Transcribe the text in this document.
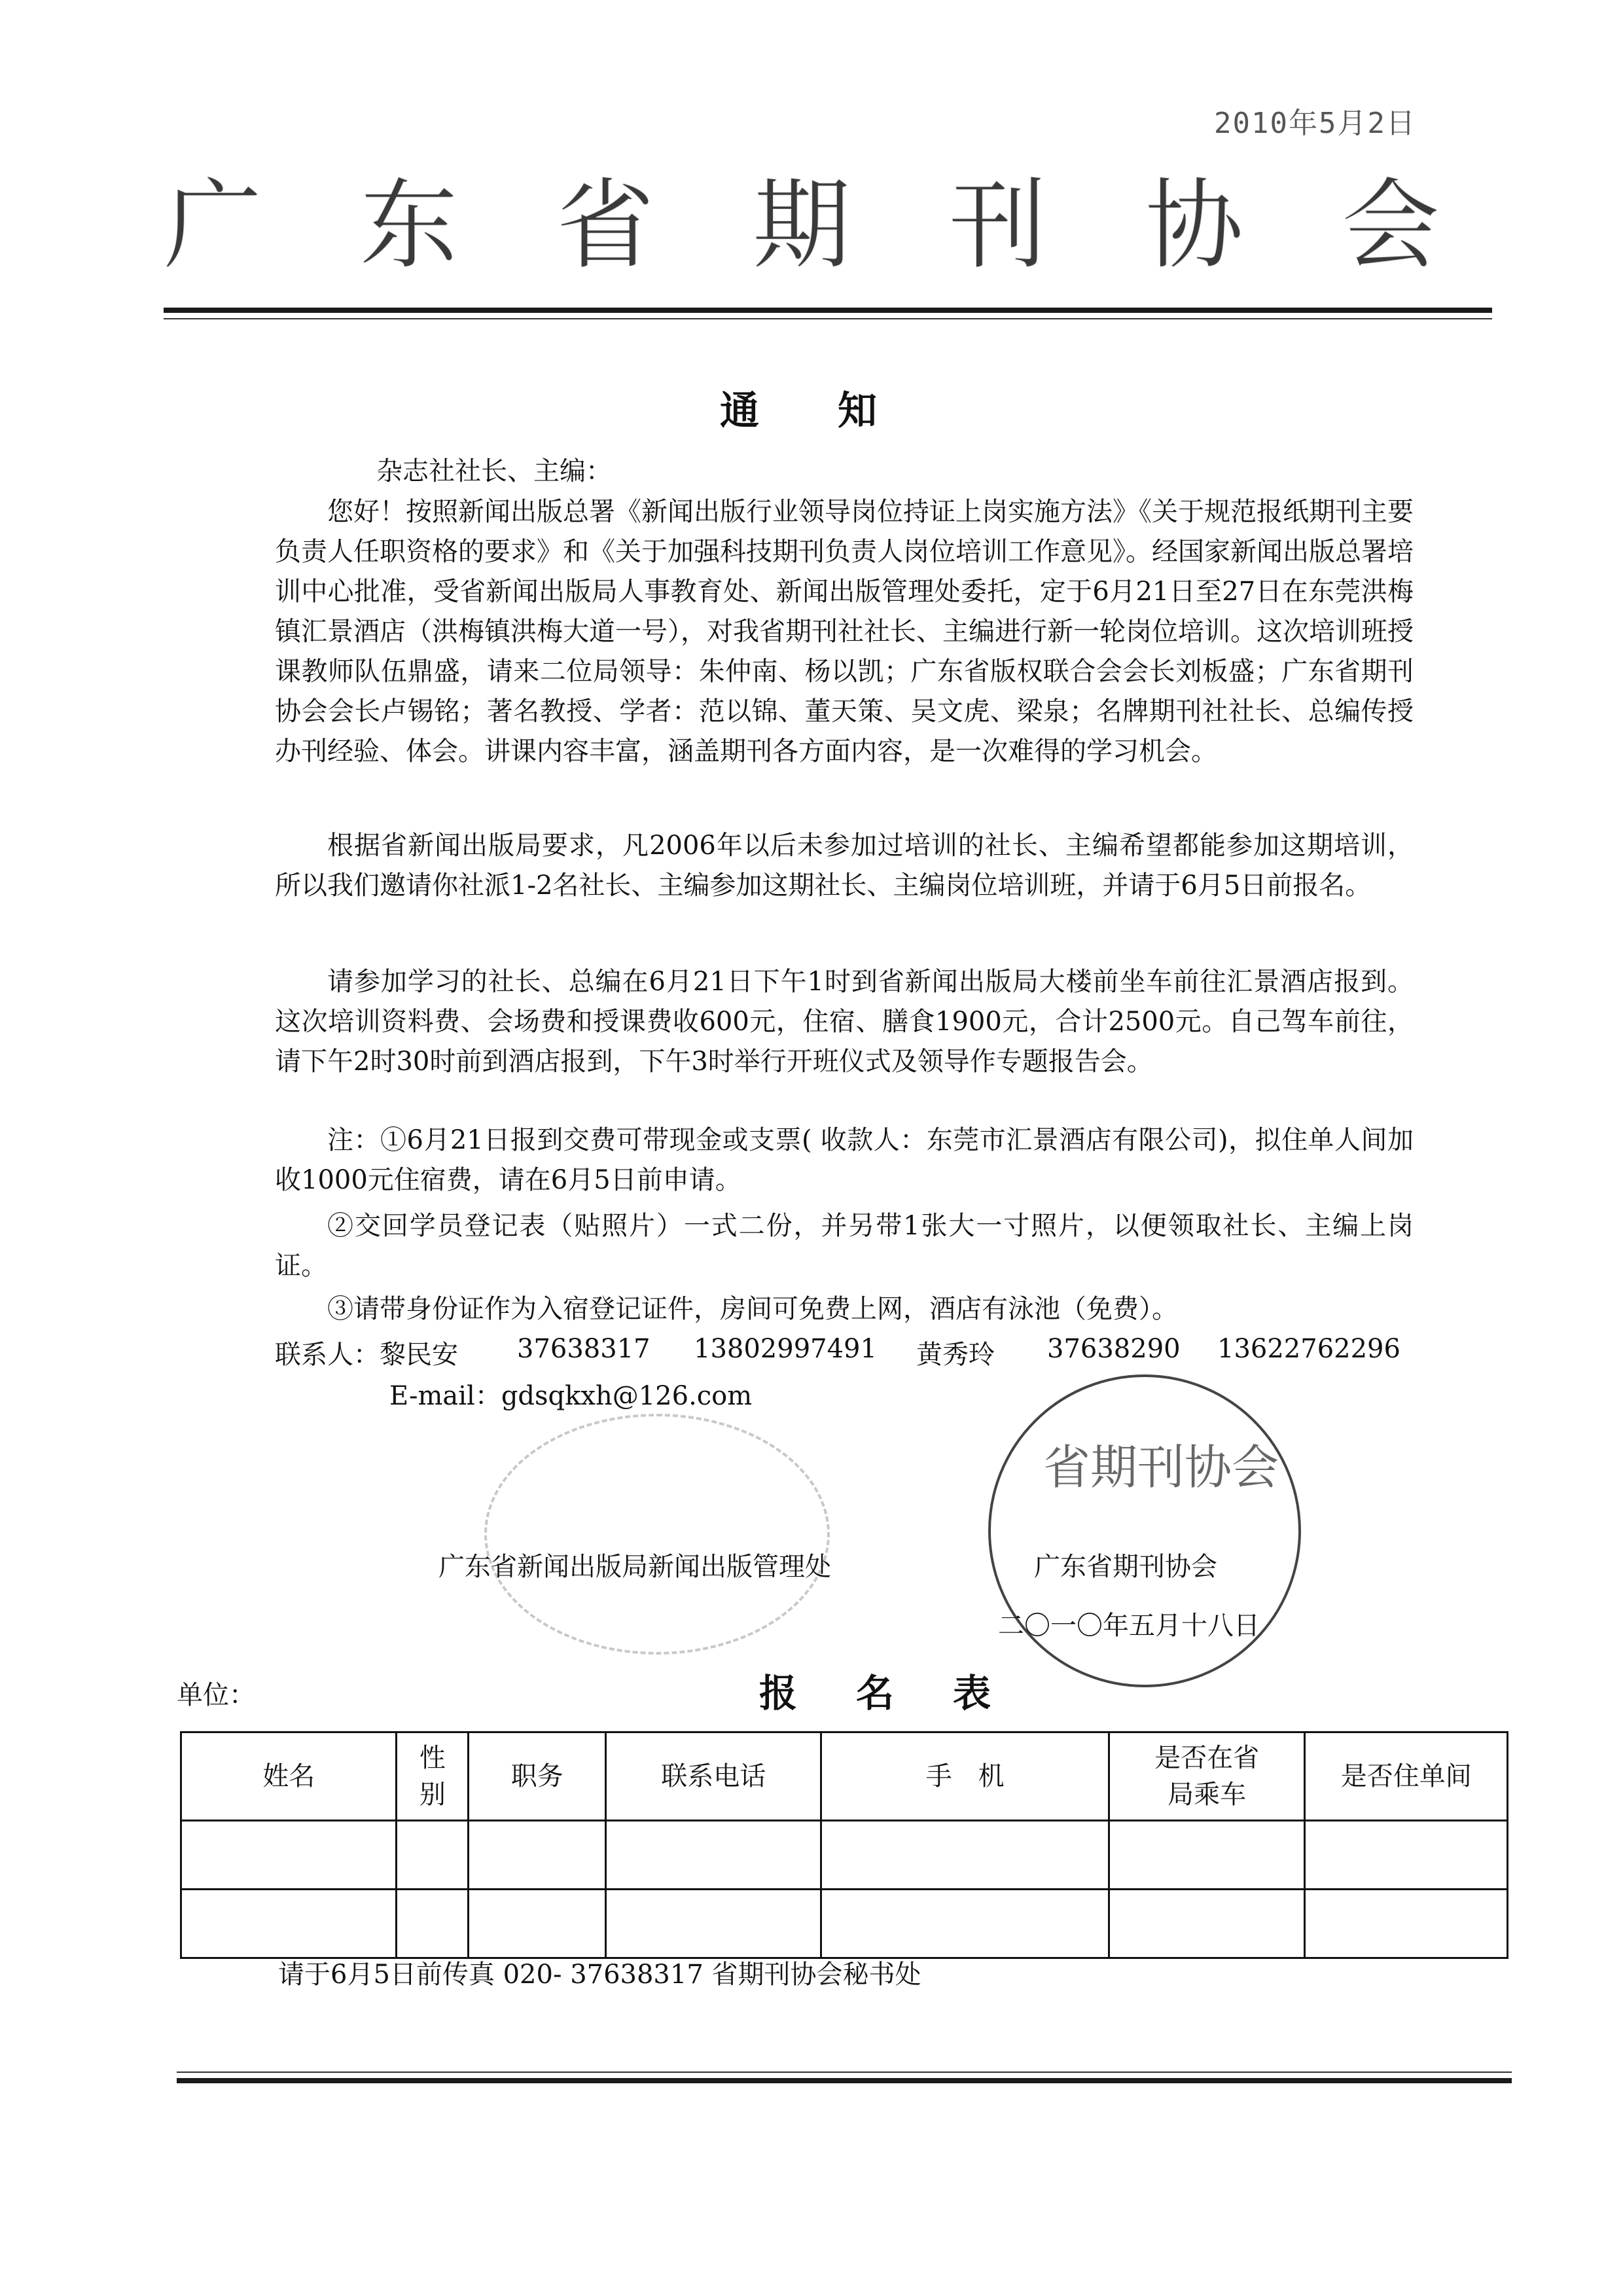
2010年5月2日
广 东 省 期 刊 协 会
通知
杂志社社长、主编：
您好！按照新闻出版总署《新闻出版行业领导岗位持证上岗实施方法》《关于规范报纸期刊主要负责人任职资格的要求》和《关于加强科技期刊负责人岗位培训工作意见》。经国家新闻出版总署培训中心批准，受省新闻出版局人事教育处、新闻出版管理处委托，定于6月21日至27日在东莞洪梅镇汇景酒店（洪梅镇洪梅大道一号），对我省期刊社社长、主编进行新一轮岗位培训。这次培训班授课教师队伍鼎盛，请来二位局领导：朱仲南、杨以凯；广东省版权联合会会长刘板盛；广东省期刊协会会长卢锡铭；著名教授、学者：范以锦、董天策、吴文虎、梁泉；名牌期刊社社长、总编传授办刊经验、体会。讲课内容丰富，涵盖期刊各方面内容，是一次难得的学习机会。
根据省新闻出版局要求，凡2006年以后未参加过培训的社长、主编希望都能参加这期培训，所以我们邀请你社派1-2名社长、主编参加这期社长、主编岗位培训班，并请于6月5日前报名。
请参加学习的社长、总编在6月21日下午1时到省新闻出版局大楼前坐车前往汇景酒店报到。这次培训资料费、会场费和授课费收600元，住宿、膳食1900元，合计2500元。自己驾车前往，请下午2时30时前到酒店报到，下午3时举行开班仪式及领导作专题报告会。
注：①6月21日报到交费可带现金或支票( 收款人：东莞市汇景酒店有限公司)，拟住单人间加收1000元住宿费，请在6月5日前申请。
②交回学员登记表（贴照片）一式二份，并另带1张大一寸照片，以便领取社长、主编上岗证。
③请带身份证作为入宿登记证件，房间可免费上网，酒店有泳池（免费）。
联系人： 黎民安	37638317	13802997491	黄秀玲	37638290	13622762296
E-mail：gdsqkxh@126.com
省期刊协会
广东省新闻出版局新闻出版管理处	广东省期刊协会
二〇一〇年五月十八日
单位：	报名表
姓名	性别	职务	联系电话	手　机	是否在省局乘车	是否住单间

请于6月5日前传真 020- 37638317 省期刊协会秘书处
